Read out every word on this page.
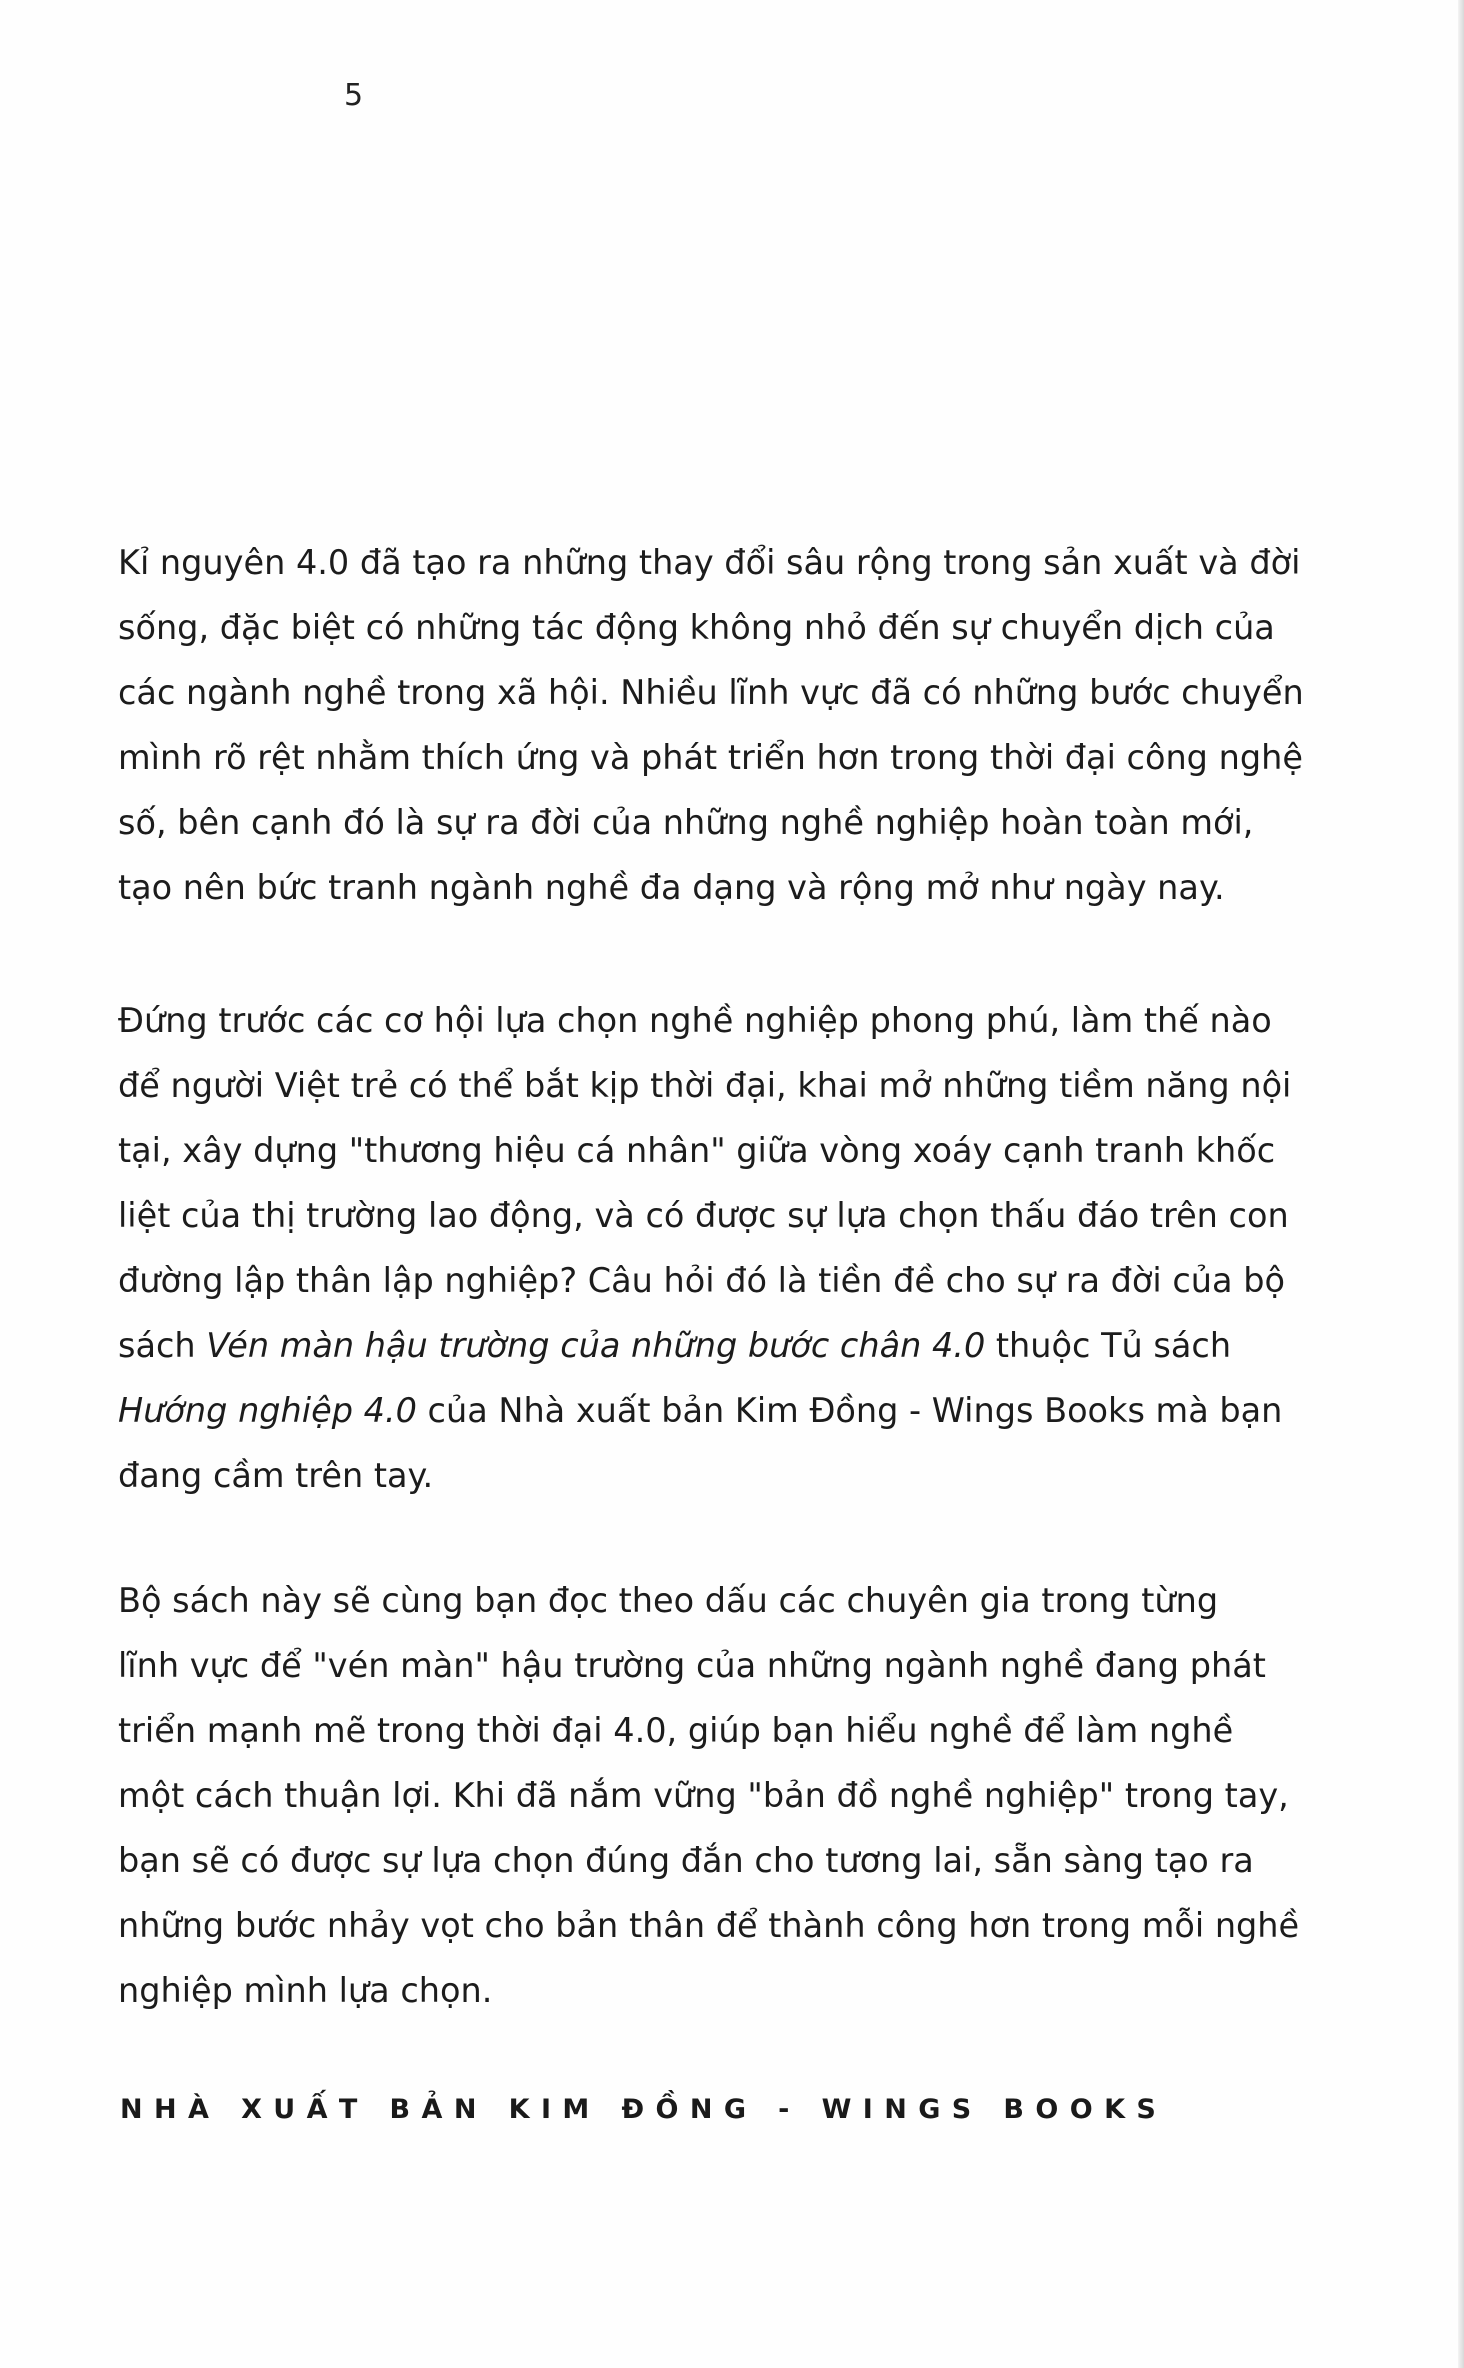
5
Kỉ nguyên 4.0 đã tạo ra những thay đổi sâu rộng trong sản xuất và đời
sống, đặc biệt có những tác động không nhỏ đến sự chuyển dịch của
các ngành nghề trong xã hội. Nhiều lĩnh vực đã có những bước chuyển
mình rõ rệt nhằm thích ứng và phát triển hơn trong thời đại công nghệ
số, bên cạnh đó là sự ra đời của những nghề nghiệp hoàn toàn mới,
tạo nên bức tranh ngành nghề đa dạng và rộng mở như ngày nay.
Đứng trước các cơ hội lựa chọn nghề nghiệp phong phú, làm thế nào
để người Việt trẻ có thể bắt kịp thời đại, khai mở những tiềm năng nội
tại, xây dựng "thương hiệu cá nhân" giữa vòng xoáy cạnh tranh khốc
liệt của thị trường lao động, và có được sự lựa chọn thấu đáo trên con
đường lập thân lập nghiệp? Câu hỏi đó là tiền đề cho sự ra đời của bộ
sách Vén màn hậu trường của những bước chân 4.0 thuộc Tủ sách
Hướng nghiệp 4.0 của Nhà xuất bản Kim Đồng - Wings Books mà bạn
đang cầm trên tay.
Bộ sách này sẽ cùng bạn đọc theo dấu các chuyên gia trong từng
lĩnh vực để "vén màn" hậu trường của những ngành nghề đang phát
triển mạnh mẽ trong thời đại 4.0, giúp bạn hiểu nghề để làm nghề
một cách thuận lợi. Khi đã nắm vững "bản đồ nghề nghiệp" trong tay,
bạn sẽ có được sự lựa chọn đúng đắn cho tương lai, sẵn sàng tạo ra
những bước nhảy vọt cho bản thân để thành công hơn trong mỗi nghề
nghiệp mình lựa chọn.
NHÀ XUẤT BẢN KIM ĐỒNG - WINGS BOOKS
